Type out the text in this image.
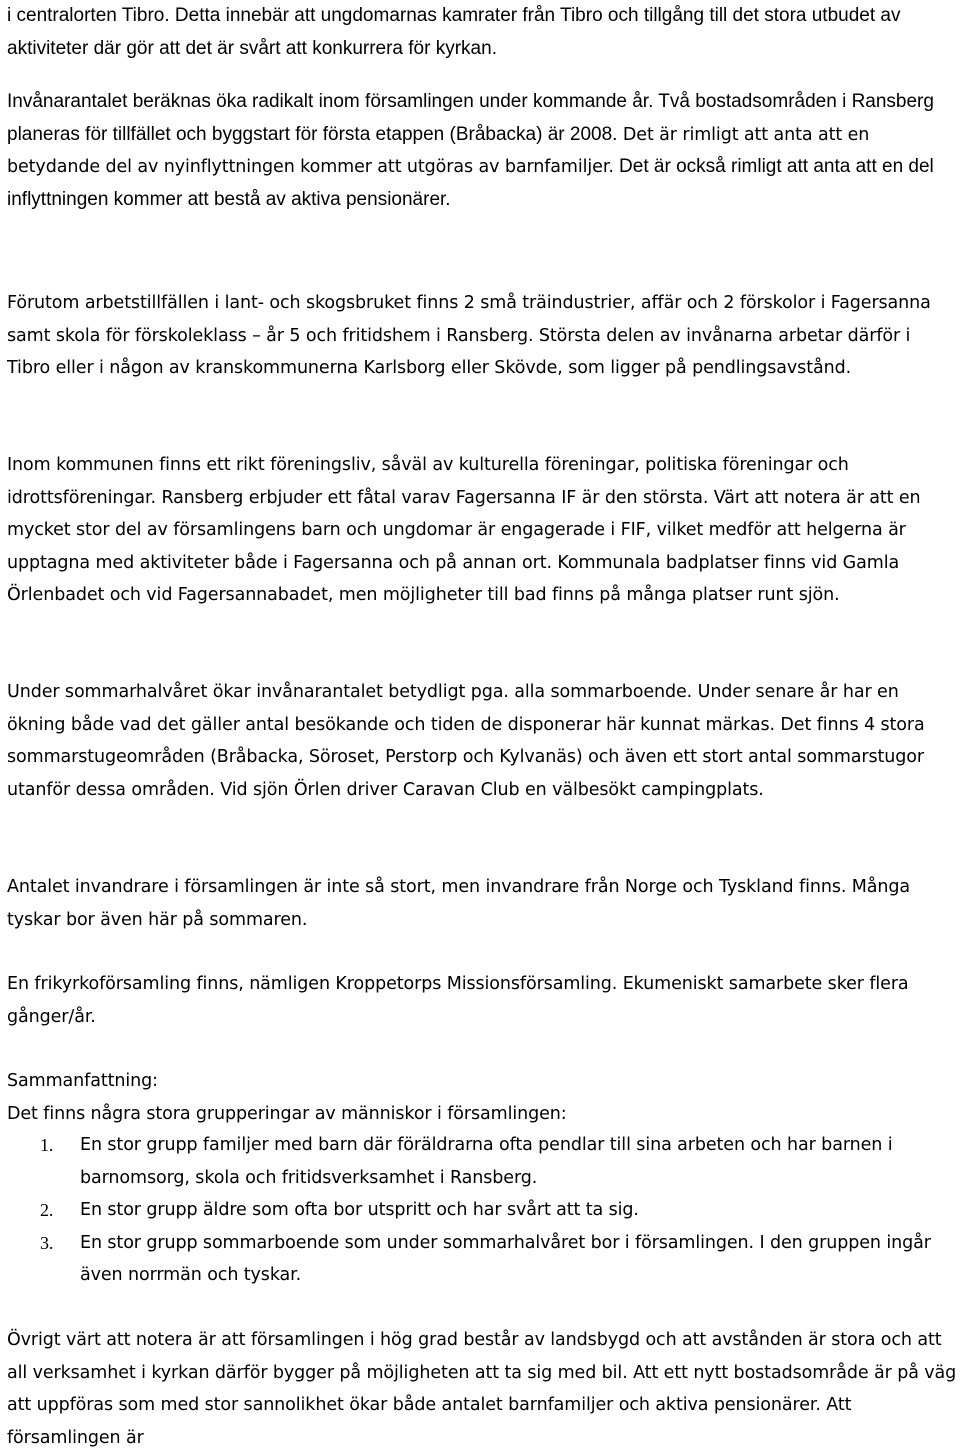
i centralorten Tibro. Detta innebär att ungdomarnas kamrater från Tibro och tillgång till det stora utbudet av aktiviteter där gör att det är svårt att konkurrera för kyrkan.

Invånarantalet beräknas öka radikalt inom församlingen under kommande år. Två bostadsområden i Ransberg planeras för tillfället och byggstart för första etappen (Bråbacka) är 2008. Det är rimligt att anta att en betydande del av nyinflyttningen kommer att utgöras av barnfamiljer. Det är också rimligt att anta att en del inflyttningen kommer att bestå av aktiva pensionärer.

Förutom arbetstillfällen i lant- och skogsbruket finns 2 små träindustrier, affär och 2 förskolor i Fagersanna samt skola för förskoleklass – år 5 och fritidshem i Ransberg. Största delen av invånarna arbetar därför i Tibro eller i någon av kranskommunerna Karlsborg eller Skövde, som ligger på pendlingsavstånd.

Inom kommunen finns ett rikt föreningsliv, såväl av kulturella föreningar, politiska föreningar och idrottsföreningar. Ransberg erbjuder ett fåtal varav Fagersanna IF är den största. Värt att notera är att en mycket stor del av församlingens barn och ungdomar är engagerade i FIF, vilket medför att helgerna är upptagna med aktiviteter både i Fagersanna och på annan ort. Kommunala badplatser finns vid Gamla Örlenbadet och vid Fagersannabadet, men möjligheter till bad finns på många platser runt sjön.

Under sommarhalvåret ökar invånarantalet betydligt pga. alla sommarboende. Under senare år har en ökning både vad det gäller antal besökande och tiden de disponerar här kunnat märkas. Det finns 4 stora sommarstugeområden (Bråbacka, Söroset, Perstorp och Kylvanäs) och även ett stort antal sommarstugor utanför dessa områden. Vid sjön Örlen driver Caravan Club en välbesökt campingplats.

Antalet invandrare i församlingen är inte så stort, men invandrare från Norge och Tyskland finns. Många tyskar bor även här på sommaren.

En frikyrkoförsamling finns, nämligen Kroppetorps Missionsförsamling. Ekumeniskt samarbete sker flera gånger/år.

Sammanfattning:
Det finns några stora grupperingar av människor i församlingen:

1. En stor grupp familjer med barn där föräldrarna ofta pendlar till sina arbeten och har barnen i barnomsorg, skola och fritidsverksamhet i Ransberg.
2. En stor grupp äldre som ofta bor utspritt och har svårt att ta sig.
3. En stor grupp sommarboende som under sommarhalvåret bor i församlingen. I den gruppen ingår även norrmän och tyskar.

Övrigt värt att notera är att församlingen i hög grad består av landsbygd och att avstånden är stora och att all verksamhet i kyrkan därför bygger på möjligheten att ta sig med bil. Att ett nytt bostadsområde är på väg att uppföras som med stor sannolikhet ökar både antalet barnfamiljer och aktiva pensionärer. Att församlingen är
